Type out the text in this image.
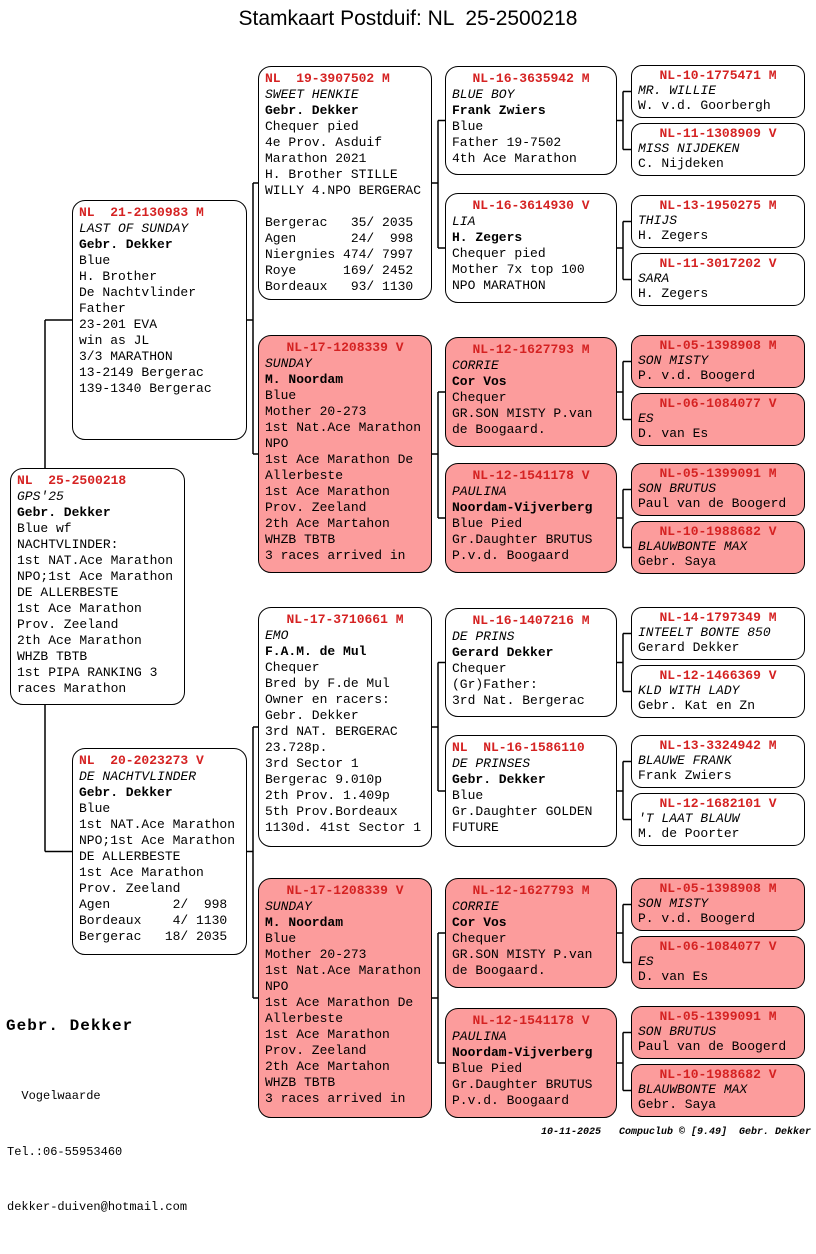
Stamkaart Postduif: NL  25-2500218
NL  25-2500218
GPS'25
Gebr. Dekker
Blue wf
NACHTVLINDER:
1st NAT.Ace Marathon
NPO;1st Ace Marathon
DE ALLERBESTE
1st Ace Marathon
Prov. Zeeland
2th Ace Marathon
WHZB TBTB
1st PIPA RANKING 3
races Marathon
NL  21-2130983 M
LAST OF SUNDAY
Gebr. Dekker
Blue
H. Brother
De Nachtvlinder
Father
23-201 EVA
win as JL
3/3 MARATHON
13-2149 Bergerac
139-1340 Bergerac
NL  20-2023273 V
DE NACHTVLINDER
Gebr. Dekker
Blue
1st NAT.Ace Marathon
NPO;1st Ace Marathon
DE ALLERBESTE
1st Ace Marathon
Prov. Zeeland
Agen        2/  998
Bordeaux    4/ 1130
Bergerac   18/ 2035
NL  19-3907502 M
SWEET HENKIE
Gebr. Dekker
Chequer pied
4e Prov. Asduif
Marathon 2021
H. Brother STILLE
WILLY 4.NPO BERGERAC

Bergerac   35/ 2035
Agen       24/  998
Niergnies 474/ 7997
Roye      169/ 2452
Bordeaux   93/ 1130
NL-17-1208339 V
SUNDAY
M. Noordam
Blue
Mother 20-273
1st Nat.Ace Marathon
NPO
1st Ace Marathon De
Allerbeste
1st Ace Marathon
Prov. Zeeland
2th Ace Martahon
WHZB TBTB
3 races arrived in
NL-17-3710661 M
EMO
F.A.M. de Mul
Chequer
Bred by F.de Mul
Owner en racers:
Gebr. Dekker
3rd NAT. BERGERAC
23.728p.
3rd Sector 1
Bergerac 9.010p
2th Prov. 1.409p
5th Prov.Bordeaux
1130d. 41st Sector 1
NL-17-1208339 V
SUNDAY
M. Noordam
Blue
Mother 20-273
1st Nat.Ace Marathon
NPO
1st Ace Marathon De
Allerbeste
1st Ace Marathon
Prov. Zeeland
2th Ace Martahon
WHZB TBTB
3 races arrived in
NL-16-3635942 M
BLUE BOY
Frank Zwiers
Blue
Father 19-7502
4th Ace Marathon
NL-16-3614930 V
LIA
H. Zegers
Chequer pied
Mother 7x top 100
NPO MARATHON
NL-12-1627793 M
CORRIE
Cor Vos
Chequer
GR.SON MISTY P.van
de Boogaard.
NL-12-1541178 V
PAULINA
Noordam-Vijverberg
Blue Pied
Gr.Daughter BRUTUS
P.v.d. Boogaard
NL-16-1407216 M
DE PRINS
Gerard Dekker
Chequer
(Gr)Father:
3rd Nat. Bergerac
NL  NL-16-1586110
DE PRINSES
Gebr. Dekker
Blue
Gr.Daughter GOLDEN
FUTURE
NL-12-1627793 M
CORRIE
Cor Vos
Chequer
GR.SON MISTY P.van
de Boogaard.
NL-12-1541178 V
PAULINA
Noordam-Vijverberg
Blue Pied
Gr.Daughter BRUTUS
P.v.d. Boogaard
NL-10-1775471 M
MR. WILLIE
W. v.d. Goorbergh
NL-11-1308909 V
MISS NIJDEKEN
C. Nijdeken
NL-13-1950275 M
THIJS
H. Zegers
NL-11-3017202 V
SARA
H. Zegers
NL-05-1398908 M
SON MISTY
P. v.d. Boogerd
NL-06-1084077 V
ES
D. van Es
NL-05-1399091 M
SON BRUTUS
Paul van de Boogerd
NL-10-1988682 V
BLAUWBONTE MAX
Gebr. Saya
NL-14-1797349 M
INTEELT BONTE 850
Gerard Dekker
NL-12-1466369 V
KLD WITH LADY
Gebr. Kat en Zn
NL-13-3324942 M
BLAUWE FRANK
Frank Zwiers
NL-12-1682101 V
'T LAAT BLAUW
M. de Poorter
NL-05-1398908 M
SON MISTY
P. v.d. Boogerd
NL-06-1084077 V
ES
D. van Es
NL-05-1399091 M
SON BRUTUS
Paul van de Boogerd
NL-10-1988682 V
BLAUWBONTE MAX
Gebr. Saya
Gebr. Dekker

Vogelwaarde

Tel.:06-55953460

dekker-duiven@hotmail.com

10-11-2025   Compuclub © [9.49]  Gebr. Dekker
